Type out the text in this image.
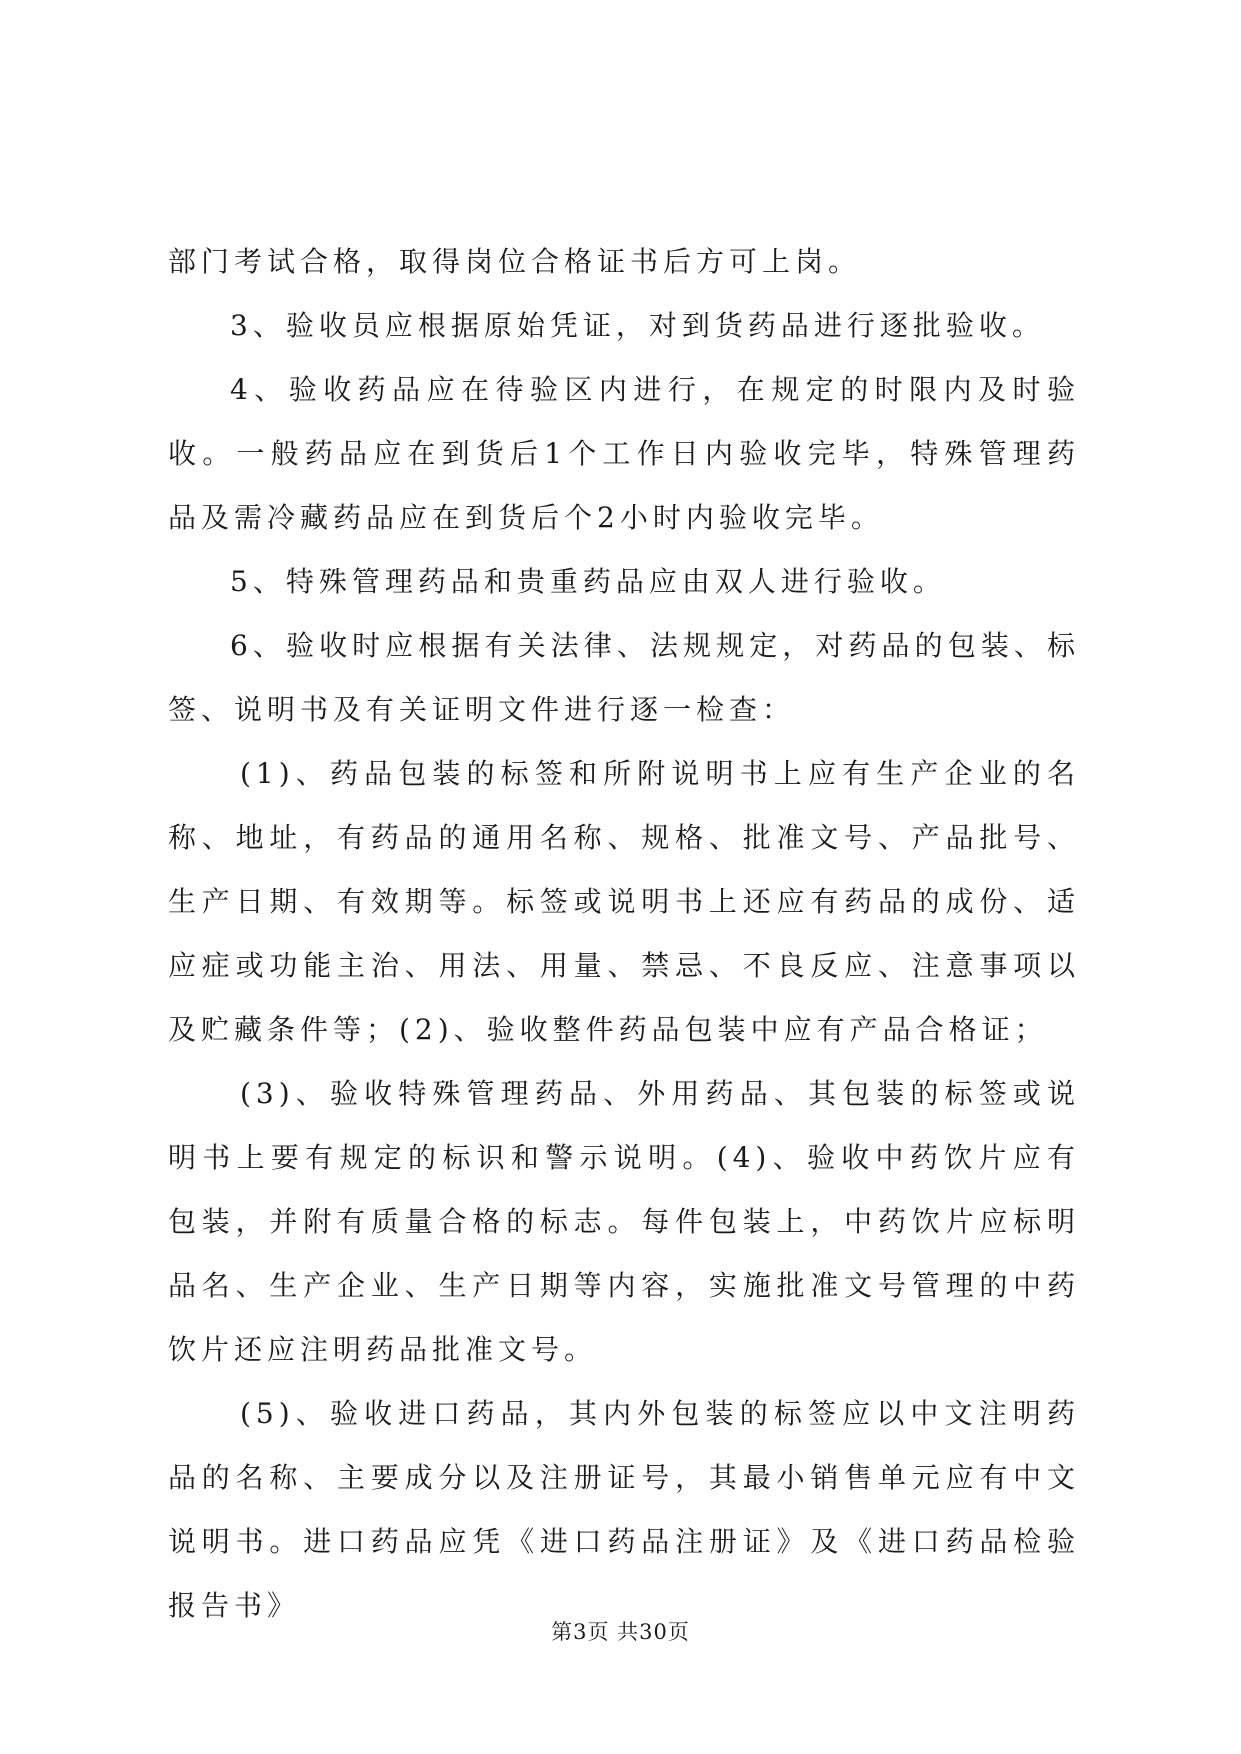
部门考试合格，取得岗位合格证书后方可上岗。

3、验收员应根据原始凭证，对到货药品进行逐批验收。

4、验收药品应在待验区内进行，在规定的时限内及时验收。一般药品应在到货后1个工作日内验收完毕，特殊管理药品及需冷藏药品应在到货后个2小时内验收完毕。

5、特殊管理药品和贵重药品应由双人进行验收。

6、验收时应根据有关法律、法规规定，对药品的包装、标签、说明书及有关证明文件进行逐一检查：

(1)、药品包装的标签和所附说明书上应有生产企业的名称、地址，有药品的通用名称、规格、批准文号、产品批号、生产日期、有效期等。标签或说明书上还应有药品的成份、适应症或功能主治、用法、用量、禁忌、不良反应、注意事项以及贮藏条件等；(2)、验收整件药品包装中应有产品合格证；

(3)、验收特殊管理药品、外用药品、其包装的标签或说明书上要有规定的标识和警示说明。(4)、验收中药饮片应有包装，并附有质量合格的标志。每件包装上，中药饮片应标明品名、生产企业、生产日期等内容，实施批准文号管理的中药饮片还应注明药品批准文号。

(5)、验收进口药品，其内外包装的标签应以中文注明药品的名称、主要成分以及注册证号，其最小销售单元应有中文说明书。进口药品应凭《进口药品注册证》及《进口药品检验报告书》

第3页 共30页
